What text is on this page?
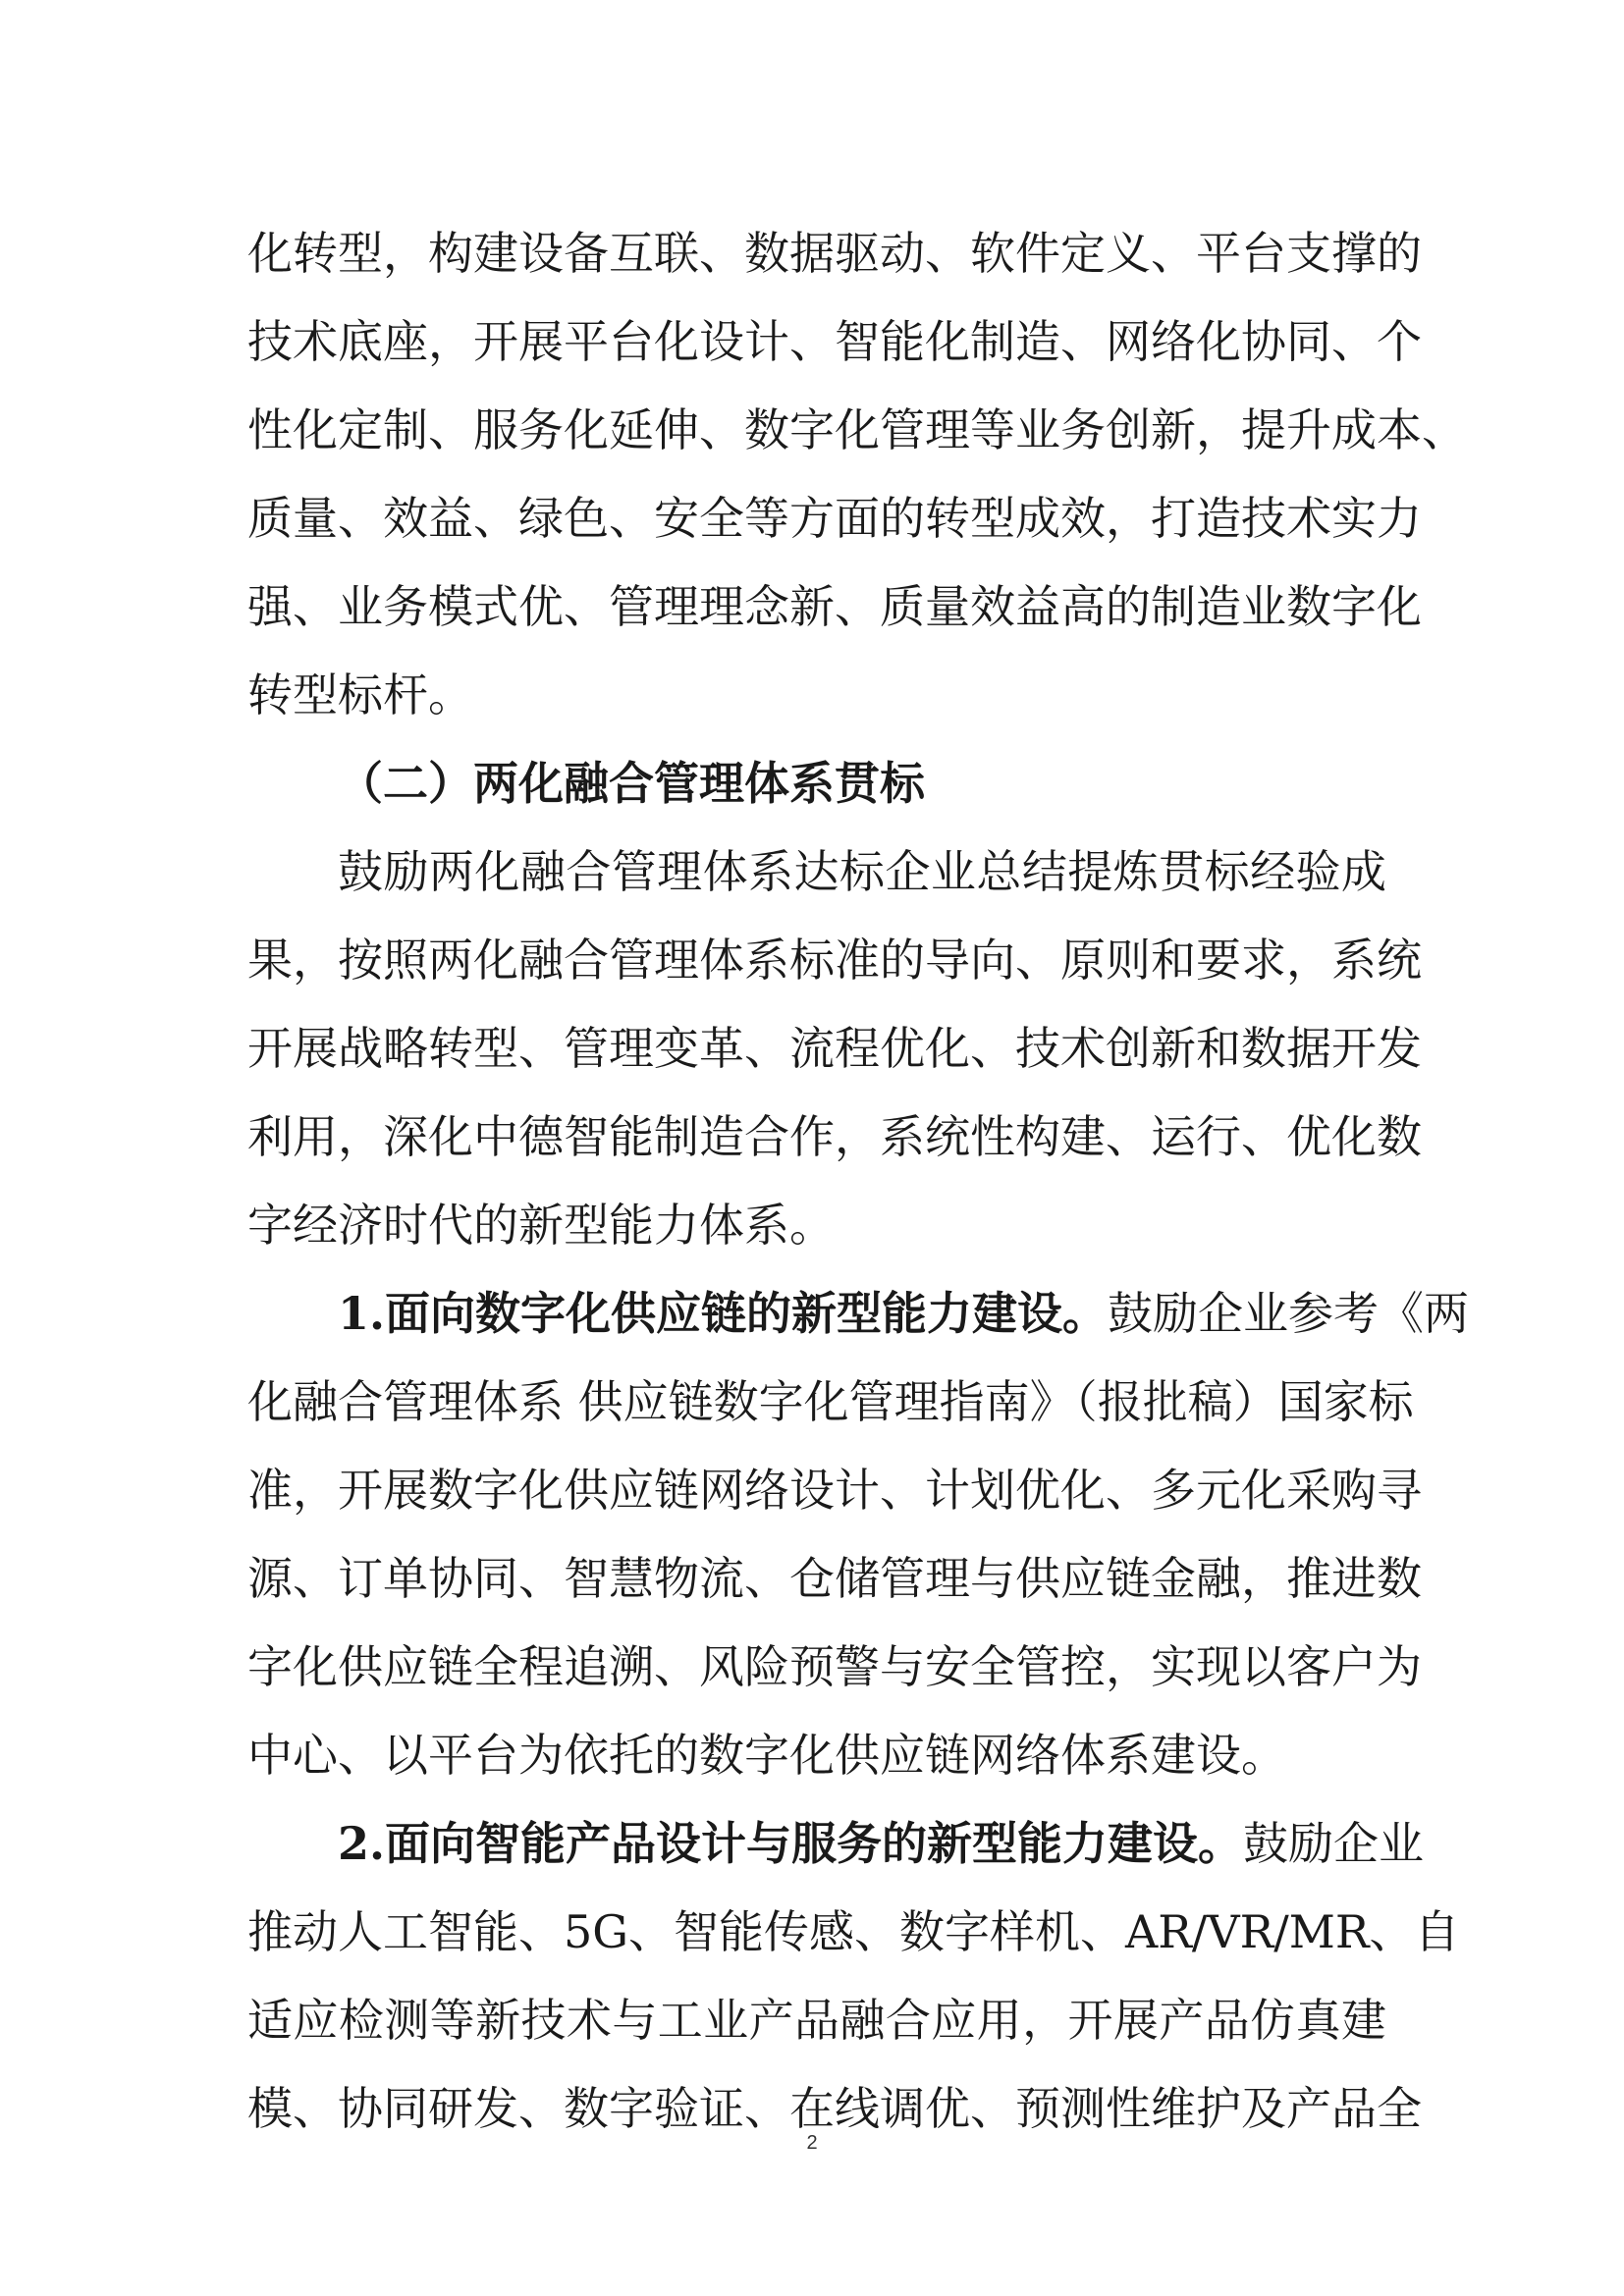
化转型，构建设备互联、数据驱动、软件定义、平台支撑的
技术底座，开展平台化设计、智能化制造、网络化协同、个
性化定制、服务化延伸、数字化管理等业务创新，提升成本、
质量、效益、绿色、安全等方面的转型成效，打造技术实力
强、业务模式优、管理理念新、质量效益高的制造业数字化
转型标杆。
（二）两化融合管理体系贯标
鼓励两化融合管理体系达标企业总结提炼贯标经验成
果，按照两化融合管理体系标准的导向、原则和要求，系统
开展战略转型、管理变革、流程优化、技术创新和数据开发
利用，深化中德智能制造合作，系统性构建、运行、优化数
字经济时代的新型能力体系。
1.面向数字化供应链的新型能力建设。鼓励企业参考《两
化融合管理体系 供应链数字化管理指南》（报批稿）国家标
准，开展数字化供应链网络设计、计划优化、多元化采购寻
源、订单协同、智慧物流、仓储管理与供应链金融，推进数
字化供应链全程追溯、风险预警与安全管控，实现以客户为
中心、以平台为依托的数字化供应链网络体系建设。
2.面向智能产品设计与服务的新型能力建设。鼓励企业
推动人工智能、5G、智能传感、数字样机、AR/VR/MR、自
适应检测等新技术与工业产品融合应用，开展产品仿真建
模、协同研发、数字验证、在线调优、预测性维护及产品全
2
